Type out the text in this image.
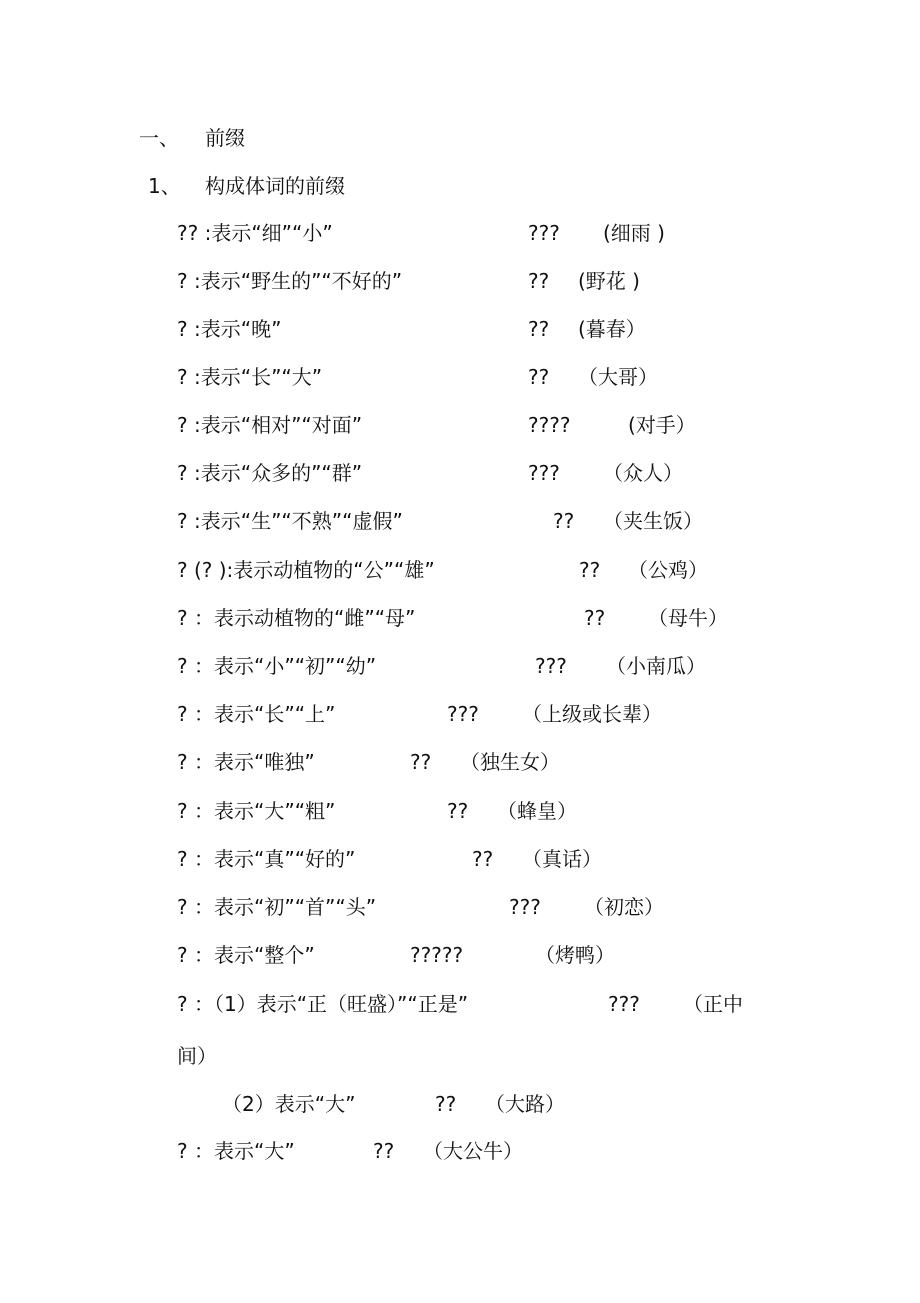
一、 前缀
1、 构成体词的前缀
?? :表示“细”“小”	??? (细雨 )
? :表示“野生的”“不好的”	?? (野花 )
? :表示“晚”	?? (暮春）
? :表示“长”“大”	?? （大哥）
? :表示“相对”“对面”	????	(对手）
? :表示“众多的”“群”	??? （众人）
? :表示“生”“不熟”“虚假”	?? （夹生饭）
? (? ):表示动植物的“公”“雄”	?? （公鸡）
? ：表示动植物的“雌”“母”	?? （母牛）
? ：表示“小”“初”“幼”	??? （小南瓜）
? ：表示“长”“上”	??? （上级或长辈）
? ：表示“唯独”	?? （独生女）
? ：表示“大”“粗”	?? （蜂皇）
? ：表示“真”“好的”	?? （真话）
? ：表示“初”“首”“头”	??? （初恋）
? ：表示“整个”	?????	（烤鸭）
? ：（1）表示“正（旺盛）”“正是”	??? （正中
间）
（2）表示“大”	?? （大路）
? ：表示“大”	?? （大公牛）
